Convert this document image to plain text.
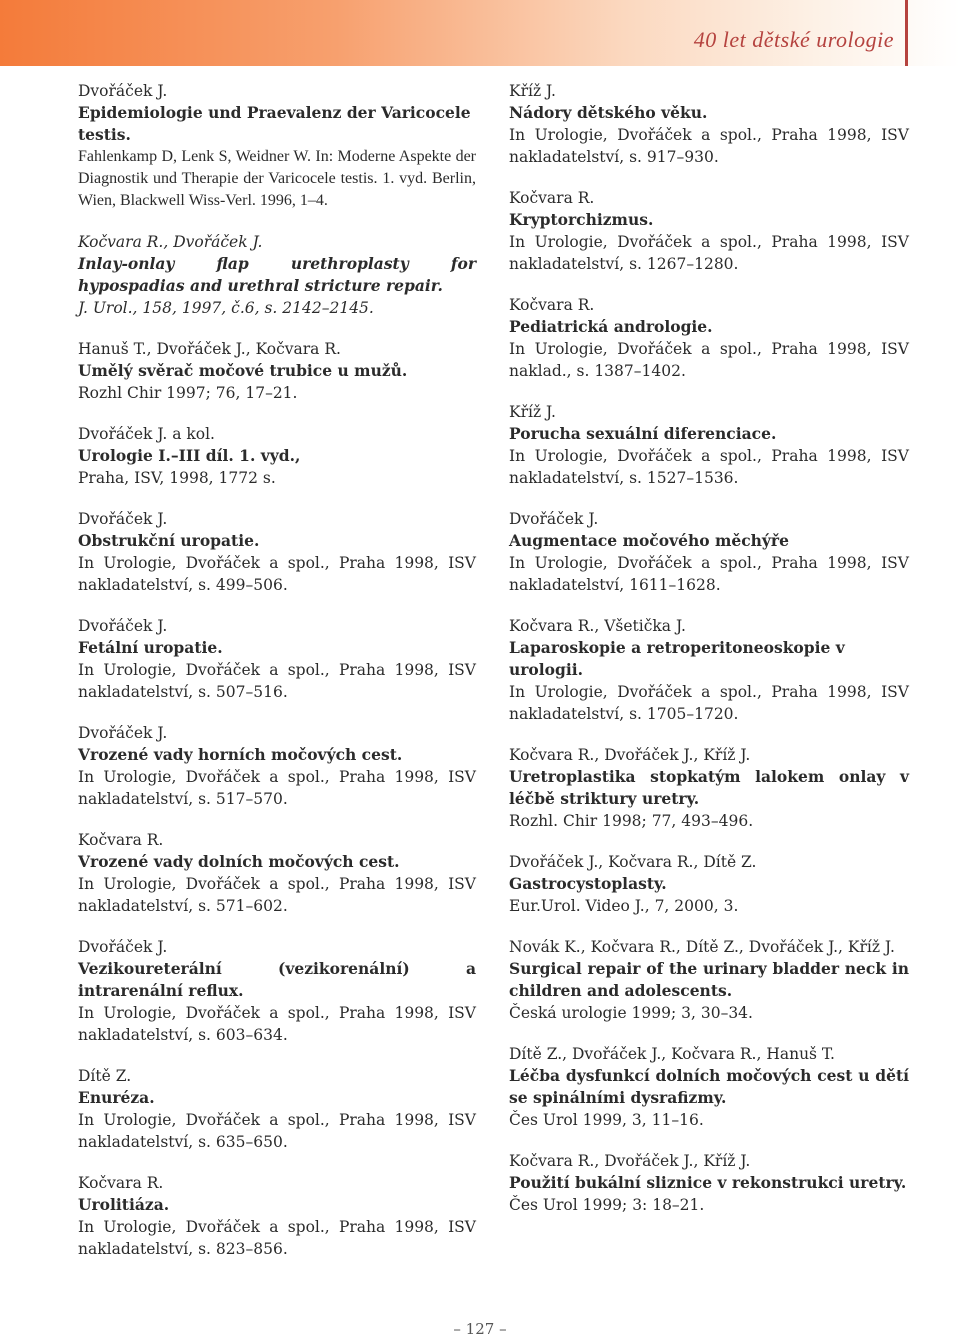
40 let dětské urologie
Dvořáček J.
Epidemiologie und Praevalenz der Varicocele testis.
Fahlenkamp D, Lenk S, Weidner W. In: Moderne Aspekte der Diagnostik und Therapie der Varicocele testis. 1. vyd. Berlin, Wien, Blackwell Wiss-Verl. 1996, 1–4.
Kočvara R., Dvořáček J.
Inlay-onlay flap urethroplasty for hypospadias and urethral stricture repair.
J. Urol., 158, 1997, č.6, s. 2142–2145.
Hanuš T., Dvořáček J., Kočvara R.
Umělý svěrač močové trubice u mužů.
Rozhl Chir 1997; 76, 17–21.
Dvořáček J. a kol.
Urologie I.–III díl. 1. vyd.,
Praha, ISV, 1998, 1772 s.
Dvořáček J.
Obstrukční uropatie.
In Urologie, Dvořáček a spol., Praha 1998, ISV nakladatelství, s. 499–506.
Dvořáček J.
Fetální uropatie.
In Urologie, Dvořáček a spol., Praha 1998, ISV nakladatelství, s. 507–516.
Dvořáček J.
Vrozené vady horních močových cest.
In Urologie, Dvořáček a spol., Praha 1998, ISV nakladatelství, s. 517–570.
Kočvara R.
Vrozené vady dolních močových cest.
In Urologie, Dvořáček a spol., Praha 1998, ISV nakladatelství, s. 571–602.
Dvořáček J.
Vezikoureterální (vezikorenální) a intrarenální reflux.
In Urologie, Dvořáček a spol., Praha 1998, ISV nakladatelství, s. 603–634.
Dítě Z.
Enuréza.
In Urologie, Dvořáček a spol., Praha 1998, ISV nakladatelství, s. 635–650.
Kočvara R.
Urolitiáza.
In Urologie, Dvořáček a spol., Praha 1998, ISV nakladatelství, s. 823–856.
Kříž J.
Nádory dětského věku.
In Urologie, Dvořáček a spol., Praha 1998, ISV nakladatelství, s. 917–930.
Kočvara R.
Kryptorchizmus.
In Urologie, Dvořáček a spol., Praha 1998, ISV nakladatelství, s. 1267–1280.
Kočvara R.
Pediatrická andrologie.
In Urologie, Dvořáček a spol., Praha 1998, ISV naklad., s. 1387–1402.
Kříž J.
Porucha sexuální diferenciace.
In Urologie, Dvořáček a spol., Praha 1998, ISV nakladatelství, s. 1527–1536.
Dvořáček J.
Augmentace močového měchýře
In Urologie, Dvořáček a spol., Praha 1998, ISV nakladatelství, 1611–1628.
Kočvara R., Všetička J.
Laparoskopie a retroperitoneoskopie v urologii.
In Urologie, Dvořáček a spol., Praha 1998, ISV nakladatelství, s. 1705–1720.
Kočvara R., Dvořáček J., Kříž J.
Uretroplastika stopkatým lalokem onlay v léčbě striktury uretry.
Rozhl. Chir 1998; 77, 493–496.
Dvořáček J., Kočvara R., Dítě Z.
Gastrocystoplasty.
Eur.Urol. Video J., 7, 2000, 3.
Novák K., Kočvara R., Dítě Z., Dvořáček J., Kříž J.
Surgical repair of the urinary bladder neck in children and adolescents.
Česká urologie 1999; 3, 30–34.
Dítě Z., Dvořáček J., Kočvara R., Hanuš T.
Léčba dysfunkcí dolních močových cest u dětí se spinálními dysrafizmy.
Čes Urol 1999, 3, 11–16.
Kočvara R., Dvořáček J., Kříž J.
Použití bukální sliznice v rekonstrukci uretry.
Čes Urol 1999; 3: 18–21.
– 127 –
